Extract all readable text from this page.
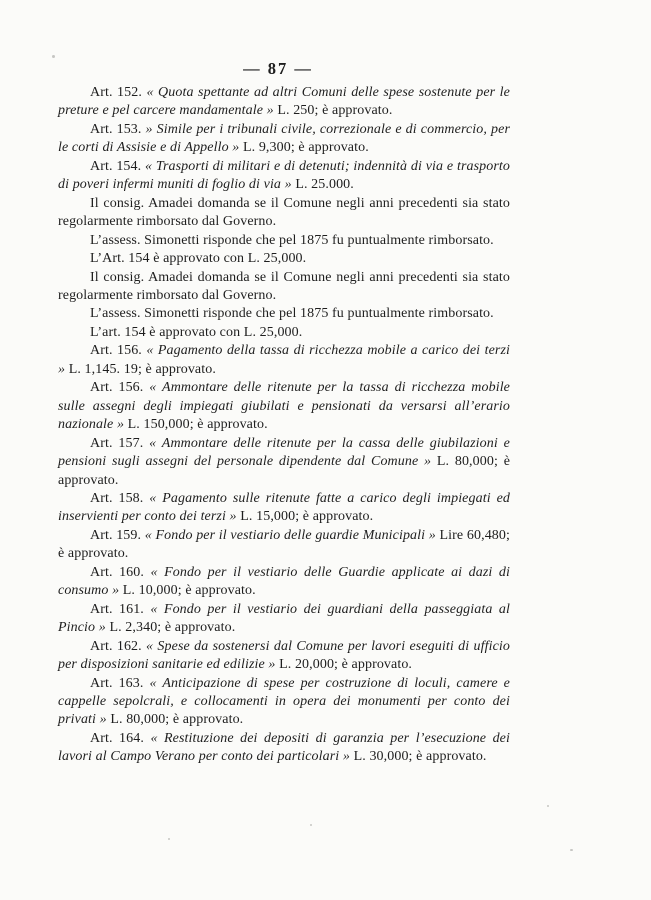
— 87 —

Art. 152. « Quota spettante ad altri Comuni delle spese sostenute per le preture e pel carcere mandamentale » L. 250; è approvato.

Art. 153. » Simile per i tribunali civile, correzionale e di commercio, per le corti di Assisie e di Appello » L. 9,300; è approvato.

Art. 154. « Trasporti di militari e di detenuti; indennità di via e trasporto di poveri infermi muniti di foglio di via » L. 25.000.

Il consig. Amadei domanda se il Comune negli anni precedenti sia stato regolarmente rimborsato dal Governo.

L’assess. Simonetti risponde che pel 1875 fu puntualmente rimborsato.

L’Art. 154 è approvato con L. 25,000.

Il consig. Amadei domanda se il Comune negli anni precedenti sia stato regolarmente rimborsato dal Governo.

L’assess. Simonetti risponde che pel 1875 fu puntualmente rimborsato.

L’art. 154 è approvato con L. 25,000.

Art. 156. « Pagamento della tassa di ricchezza mobile a carico dei terzi » L. 1,145. 19; è approvato.

Art. 156. « Ammontare delle ritenute per la tassa di ricchezza mobile sulle assegni degli impiegati giubilati e pensionati da versarsi all’erario nazionale » L. 150,000; è approvato.

Art. 157. « Ammontare delle ritenute per la cassa delle giubilazioni e pensioni sugli assegni del personale dipendente dal Comune » L. 80,000; è approvato.

Art. 158. « Pagamento sulle ritenute fatte a carico degli impiegati ed inservienti per conto dei terzi » L. 15,000; è approvato.

Art. 159. « Fondo per il vestiario delle guardie Municipali » Lire 60,480; è approvato.

Art. 160. « Fondo per il vestiario delle Guardie applicate ai dazi di consumo » L. 10,000; è approvato.

Art. 161. « Fondo per il vestiario dei guardiani della passeggiata al Pincio » L. 2,340; è approvato.

Art. 162. « Spese da sostenersi dal Comune per lavori eseguiti di ufficio per disposizioni sanitarie ed edilizie » L. 20,000; è approvato.

Art. 163. « Anticipazione di spese per costruzione di loculi, camere e cappelle sepolcrali, e collocamenti in opera dei monumenti per conto dei privati » L. 80,000; è approvato.

Art. 164. « Restituzione dei depositi di garanzia per l’esecuzione dei lavori al Campo Verano per conto dei particolari » L. 30,000; è approvato.
